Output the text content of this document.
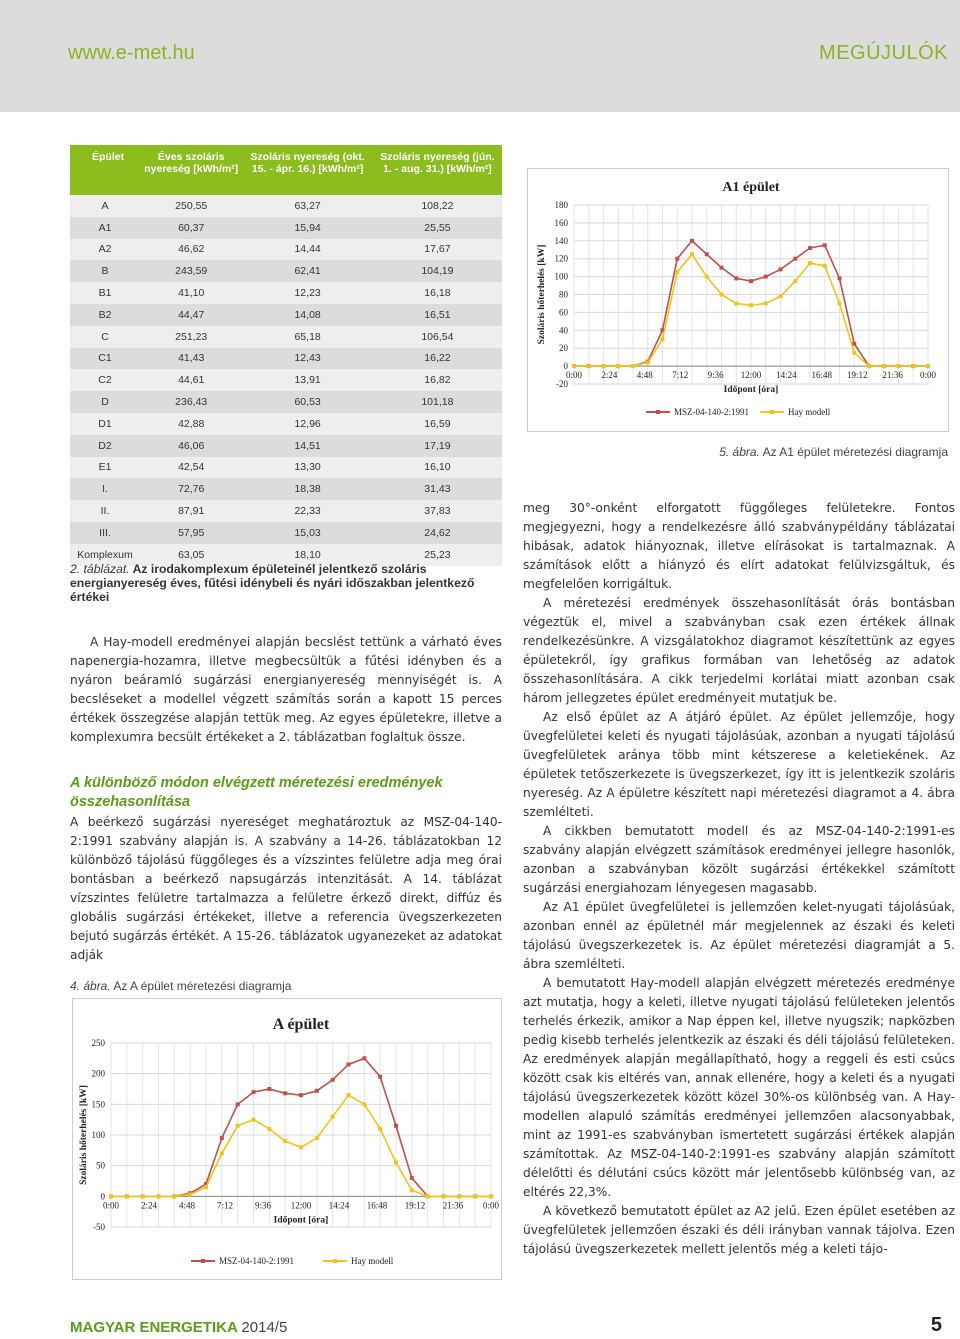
www.e-met.hu	MEGÚJULÓK
Épület	Éves szoláris nyereség [kWh/m²]	Szoláris nyereség (okt. 15. - ápr. 16.) [kWh/m²]	Szoláris nyereség (jún. 1. - aug. 31.) [kWh/m²]
A	250,55	63,27	108,22
A1	60,37	15,94	25,55
A2	46,62	14,44	17,67
B	243,59	62,41	104,19
B1	41,10	12,23	16,18
B2	44,47	14,08	16,51
C	251,23	65,18	106,54
C1	41,43	12,43	16,22
C2	44,61	13,91	16,82
D	236,43	60,53	101,18
D1	42,88	12,96	16,59
D2	46,06	14,51	17,19
E1	42,54	13,30	16,10
I.	72,76	18,38	31,43
II.	87,91	22,33	37,83
III.	57,95	15,03	24,62
Komplexum	63,05	18,10	25,23
2. táblázat. Az irodakomplexum épületeinél jelentkező szoláris energianyereség éves, fűtési idénybeli és nyári időszakban jelentkező értékei

A Hay-modell eredményei alapján becslést tettünk a várható éves napenergia-hozamra, illetve megbecsültük a fűtési idényben és a nyáron beáramló sugárzási energianyereség mennyiségét is. A becsléseket a modellel végzett számítás során a kapott 15 perces értékek összegzése alapján tettük meg. Az egyes épületekre, illetve a komplexumra becsült értékeket a 2. táblázatban foglaltuk össze.

A különböző módon elvégzett méretezési eredmények összehasonlítása

A beérkező sugárzási nyereséget meghatároztuk az MSZ-04-140-2:1991 szabvány alapján is. A szabvány a 14-26. táblázatokban 12 különböző tájolású függőleges és a vízszintes felületre adja meg órai bontásban a beérkező napsugárzás intenzitását. A 14. táblázat vízszintes felületre tartalmazza a felületre érkező direkt, diffúz és globális sugárzási értékeket, illetve a referencia üvegszerkezeten bejutó sugárzás értékét. A 15-26. táblázatok ugyanezeket az adatokat adják

4. ábra. Az A épület méretezési diagramja
A épület
-50
0
50
100
150
200
250
0:00 2:24 4:48 7:12 9:36 12:00 14:24 16:48 19:12 21:36 0:00
Időpont [óra]
Szoláris hőterhelés [kW]
MSZ-04-140-2:1991	Hay modell
A1 épület
-20
0
20
40
60
80
100
120
140
160
180
0:00 2:24 4:48 7:12 9:36 12:00 14:24 16:48 19:12 21:36 0:00
Időpont [óra]
Szoláris hőterhelés [kW]
MSZ-04-140-2:1991	Hay modell
5. ábra. Az A1 épület méretezési diagramja

meg 30°-onként elforgatott függőleges felületekre. Fontos megjegyezni, hogy a rendelkezésre álló szabványpéldány táblázatai hibásak, adatok hiányoznak, illetve elírásokat is tartalmaznak. A számítások előtt a hiányzó és elírt adatokat felülvizsgáltuk, és megfelelően korrigáltuk.

A méretezési eredmények összehasonlítását órás bontásban végeztük el, mivel a szabványban csak ezen értékek állnak rendelkezésünkre. A vizsgálatokhoz diagramot készítettünk az egyes épületekről, így grafikus formában van lehetőség az adatok összehasonlítására. A cikk terjedelmi korlátai miatt azonban csak három jellegzetes épület eredményeit mutatjuk be.

Az első épület az A átjáró épület. Az épület jellemzője, hogy üvegfelületei keleti és nyugati tájolásúak, azonban a nyugati tájolású üvegfelületek aránya több mint kétszerese a keletiekének. Az épületek tetőszerkezete is üvegszerkezet, így itt is jelentkezik szoláris nyereség. Az A épületre készített napi méretezési diagramot a 4. ábra szemlélteti.

A cikkben bemutatott modell és az MSZ-04-140-2:1991-es szabvány alapján elvégzett számítások eredményei jellegre hasonlók, azonban a szabványban közölt sugárzási értékekkel számított sugárzási energiahozam lényegesen magasabb.

Az A1 épület üvegfelületei is jellemzően kelet-nyugati tájolásúak, azonban ennél az épületnél már megjelennek az északi és keleti tájolású üvegszerkezetek is. Az épület méretezési diagramját a 5. ábra szemlélteti.

A bemutatott Hay-modell alapján elvégzett méretezés eredménye azt mutatja, hogy a keleti, illetve nyugati tájolású felületeken jelentős terhelés érkezik, amikor a Nap éppen kel, illetve nyugszik; napközben pedig kisebb terhelés jelentkezik az északi és déli tájolású felületeken. Az eredmények alapján megállapítható, hogy a reggeli és esti csúcs között csak kis eltérés van, annak ellenére, hogy a keleti és a nyugati tájolású üvegszerkezetek között közel 30%-os különbség van. A Hay-modellen alapuló számítás eredményei jellemzően alacsonyabbak, mint az 1991-es szabványban ismertetett sugárzási értékek alapján számítottak. Az MSZ-04-140-2:1991-es szabvány alapján számított délelőtti és délutáni csúcs között már jelentősebb különbség van, az eltérés 22,3%.

A következő bemutatott épület az A2 jelű. Ezen épület esetében az üvegfelületek jellemzően északi és déli irányban vannak tájolva. Ezen tájolású üvegszerkezetek mellett jelentős még a keleti tájo-

MAGYAR ENERGETIKA 2014/5	5
